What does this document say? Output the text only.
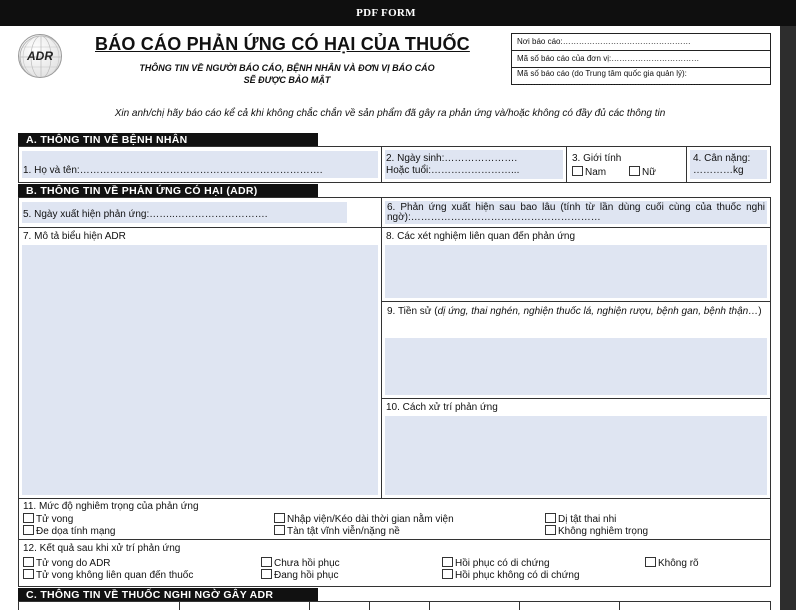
PDF FORM
ADR
BÁO CÁO PHẢN ỨNG CÓ HẠI CỦA THUỐC
THÔNG TIN VỀ NGƯỜI BÁO CÁO, BỆNH NHÂN VÀ ĐƠN VỊ BÁO CÁO
SẼ ĐƯỢC BẢO MẬT
Nơi báo cáo:…………………………………………
Mã số báo cáo của đơn vị:……………………………
Mã số báo cáo (do Trung tâm quốc gia quản lý):
……………………………………………………………
Xin anh/chị hãy báo cáo kể cả khi không chắc chắn về sản phẩm đã gây ra phản ứng và/hoặc không có đầy đủ các thông tin
A. THÔNG TIN VỀ BỆNH NHÂN
1. Họ và tên:……………………………………………………………….
2. Ngày sinh:………………….
Hoặc tuổi:……………………...
3. Giới tính
Nam	Nữ
4. Cân nặng:
…………kg
B. THÔNG TIN VỀ PHẢN ỨNG CÓ HẠI (ADR)
5. Ngày xuất hiện phản ứng:……..……………………….
6. Phản ứng xuất hiện sau bao lâu (tính từ lần dùng cuối cùng của thuốc nghi ngờ):…………………………………………………
7. Mô tả biểu hiện ADR	8. Các xét nghiệm liên quan đến phản ứng
9. Tiền sử (dị ứng, thai nghén, nghiện thuốc lá, nghiện rượu, bệnh gan, bệnh thận…)
10. Cách xử trí phản ứng
11. Mức độ nghiêm trọng của phản ứng
Tử vong
Đe dọa tính mạng
Nhập viện/Kéo dài thời gian nằm viện
Tàn tật vĩnh viễn/nặng nề
Dị tật thai nhi
Không nghiêm trọng
12. Kết quả sau khi xử trí phản ứng
Tử vong do ADR
Tử vong không liên quan đến thuốc
Chưa hồi phục
Đang hồi phục
Hồi phục có di chứng
Hồi phục không có di chứng
Không rõ
C. THÔNG TIN VỀ THUỐC NGHI NGỜ GÂY ADR
